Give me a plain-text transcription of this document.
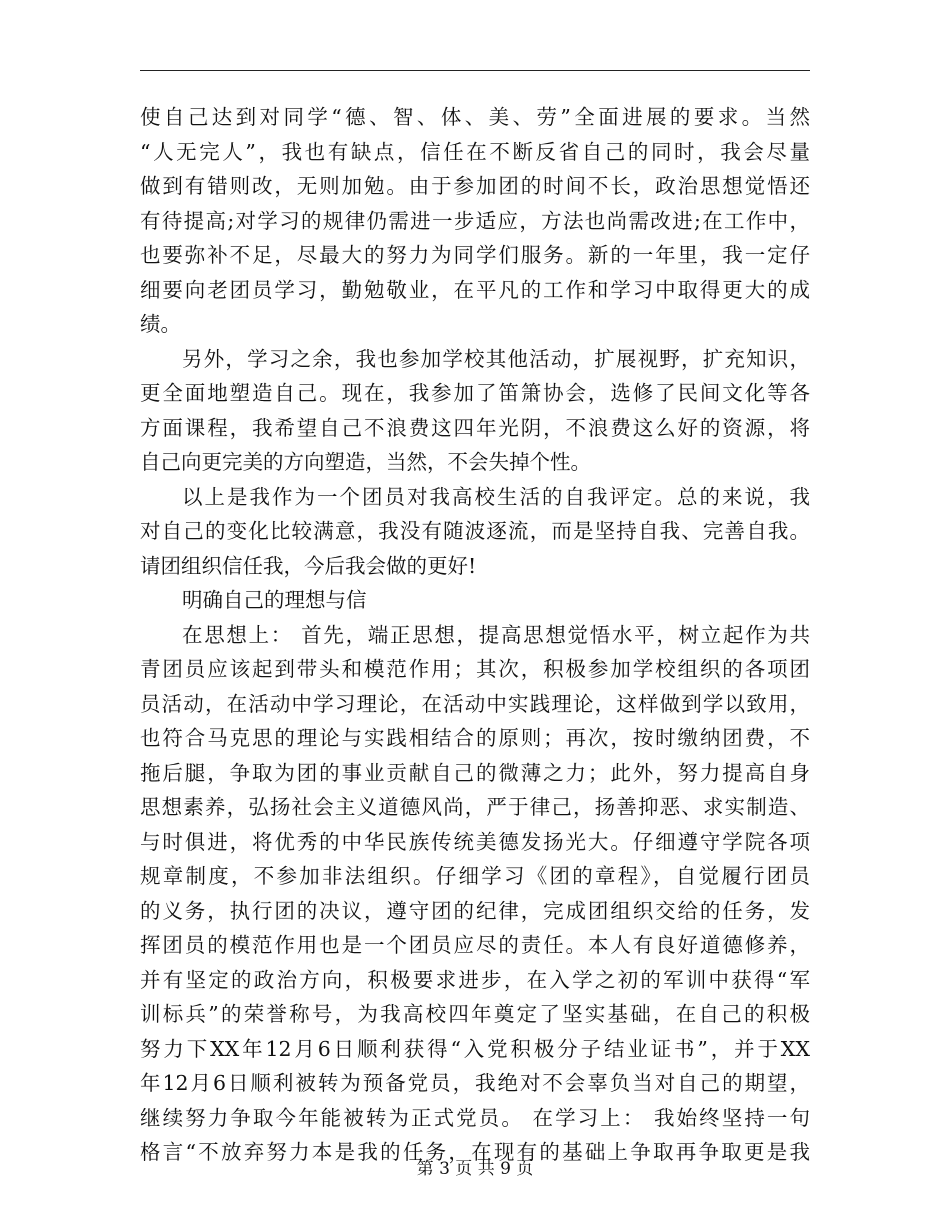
使自己达到对同学“德、智、体、美、劳”全面进展的要求。当然
“人无完人”，我也有缺点，信任在不断反省自己的同时，我会尽量
做到有错则改，无则加勉。由于参加团的时间不长，政治思想觉悟还
有待提高;对学习的规律仍需进一步适应，方法也尚需改进;在工作中，
也要弥补不足，尽最大的努力为同学们服务。新的一年里，我一定仔
细要向老团员学习，勤勉敬业，在平凡的工作和学习中取得更大的成
绩。
另外，学习之余，我也参加学校其他活动，扩展视野，扩充知识，
更全面地塑造自己。现在，我参加了笛箫协会，选修了民间文化等各
方面课程，我希望自己不浪费这四年光阴，不浪费这么好的资源，将
自己向更完美的方向塑造，当然，不会失掉个性。
以上是我作为一个团员对我高校生活的自我评定。总的来说，我
对自己的变化比较满意，我没有随波逐流，而是坚持自我、完善自我。
请团组织信任我，今后我会做的更好!
明确自己的理想与信
在思想上： 首先，端正思想，提高思想觉悟水平，树立起作为共
青团员应该起到带头和模范作用；其次，积极参加学校组织的各项团
员活动，在活动中学习理论，在活动中实践理论，这样做到学以致用，
也符合马克思的理论与实践相结合的原则；再次，按时缴纳团费，不
拖后腿，争取为团的事业贡献自己的微薄之力；此外，努力提高自身
思想素养，弘扬社会主义道德风尚，严于律己，扬善抑恶、求实制造、
与时俱进，将优秀的中华民族传统美德发扬光大。仔细遵守学院各项
规章制度，不参加非法组织。仔细学习《团的章程》，自觉履行团员
的义务，执行团的决议，遵守团的纪律，完成团组织交给的任务，发
挥团员的模范作用也是一个团员应尽的责任。本人有良好道德修养，
并有坚定的政治方向，积极要求进步，在入学之初的军训中获得“军
训标兵”的荣誉称号，为我高校四年奠定了坚实基础，在自己的积极
努力下XX年12月6日顺利获得“入党积极分子结业证书”，并于XX
年12月6日顺利被转为预备党员，我绝对不会辜负当对自己的期望，
继续努力争取今年能被转为正式党员。 在学习上： 我始终坚持一句
格言“不放弃努力本是我的任务，在现有的基础上争取再争取更是我
第 3 页 共 9 页
